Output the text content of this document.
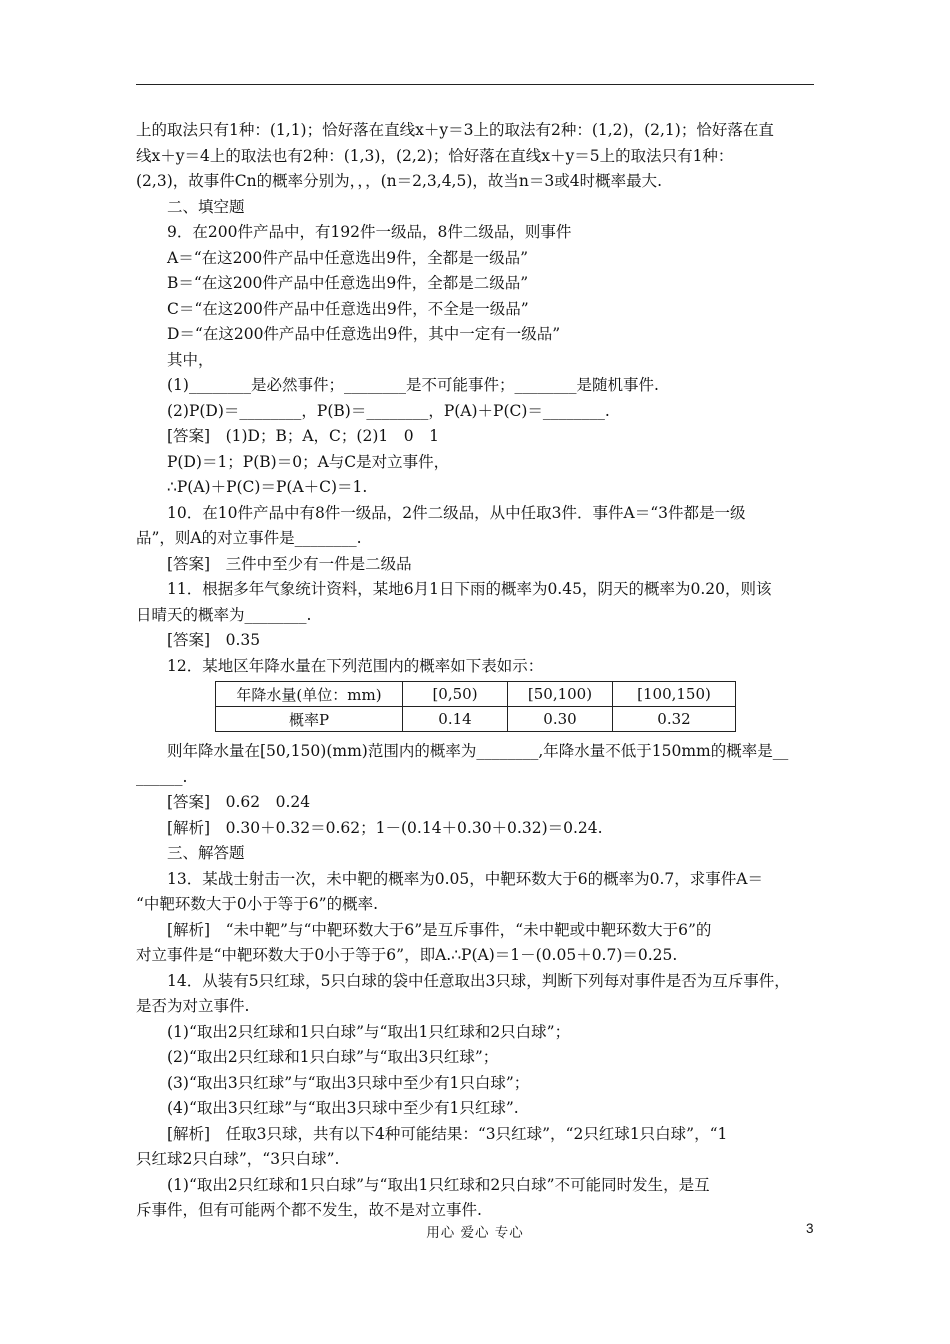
上的取法只有1种：(1,1)；恰好落在直线x＋y＝3上的取法有2种：(1,2)，(2,1)；恰好落在直
线x＋y＝4上的取法也有2种：(1,3)，(2,2)；恰好落在直线x＋y＝5上的取法只有1种：
(2,3)，故事件Cn的概率分别为，，，(n＝2,3,4,5)，故当n＝3或4时概率最大.
二、填空题
9．在200件产品中，有192件一级品，8件二级品，则事件
A＝“在这200件产品中任意选出9件，全都是一级品”
B＝“在这200件产品中任意选出9件，全都是二级品”
C＝“在这200件产品中任意选出9件，不全是一级品”
D＝“在这200件产品中任意选出9件，其中一定有一级品”
其中，
(1)________是必然事件；________是不可能事件；________是随机事件.
(2)P(D)＝________，P(B)＝________，P(A)＋P(C)＝________.
[答案]　(1)D；B；A，C；(2)1　0　1
P(D)＝1；P(B)＝0；A与C是对立事件，
∴P(A)＋P(C)＝P(A＋C)＝1.
10．在10件产品中有8件一级品，2件二级品，从中任取3件．事件A＝“3件都是一级
品”，则A的对立事件是________.
[答案]　三件中至少有一件是二级品
11．根据多年气象统计资料，某地6月1日下雨的概率为0.45，阴天的概率为0.20，则该
日晴天的概率为________.
[答案]　0.35
12．某地区年降水量在下列范围内的概率如下表如示：
年降水量(单位：mm)	[0,50)	[50,100)	[100,150)
概率P	0.14	0.30	0.32
则年降水量在[50,150)(mm)范围内的概率为________,年降水量不低于150mm的概率是__
______.
[答案]　0.62　0.24
[解析]　0.30＋0.32＝0.62；1－(0.14＋0.30＋0.32)＝0.24.
三、解答题
13．某战士射击一次，未中靶的概率为0.05，中靶环数大于6的概率为0.7，求事件A＝
“中靶环数大于0小于等于6”的概率.
[解析]　“未中靶”与“中靶环数大于6”是互斥事件，“未中靶或中靶环数大于6”的
对立事件是“中靶环数大于0小于等于6”，即A.∴P(A)＝1－(0.05＋0.7)＝0.25.
14．从装有5只红球，5只白球的袋中任意取出3只球，判断下列每对事件是否为互斥事件，
是否为对立事件.
(1)“取出2只红球和1只白球”与“取出1只红球和2只白球”；
(2)“取出2只红球和1只白球”与“取出3只红球”；
(3)“取出3只红球”与“取出3只球中至少有1只白球”；
(4)“取出3只红球”与“取出3只球中至少有1只红球”.
[解析]　任取3只球，共有以下4种可能结果：“3只红球”，“2只红球1只白球”，“1
只红球2只白球”，“3只白球”.
(1)“取出2只红球和1只白球”与“取出1只红球和2只白球”不可能同时发生，是互
斥事件，但有可能两个都不发生，故不是对立事件.
用心 爱心 专心	3
